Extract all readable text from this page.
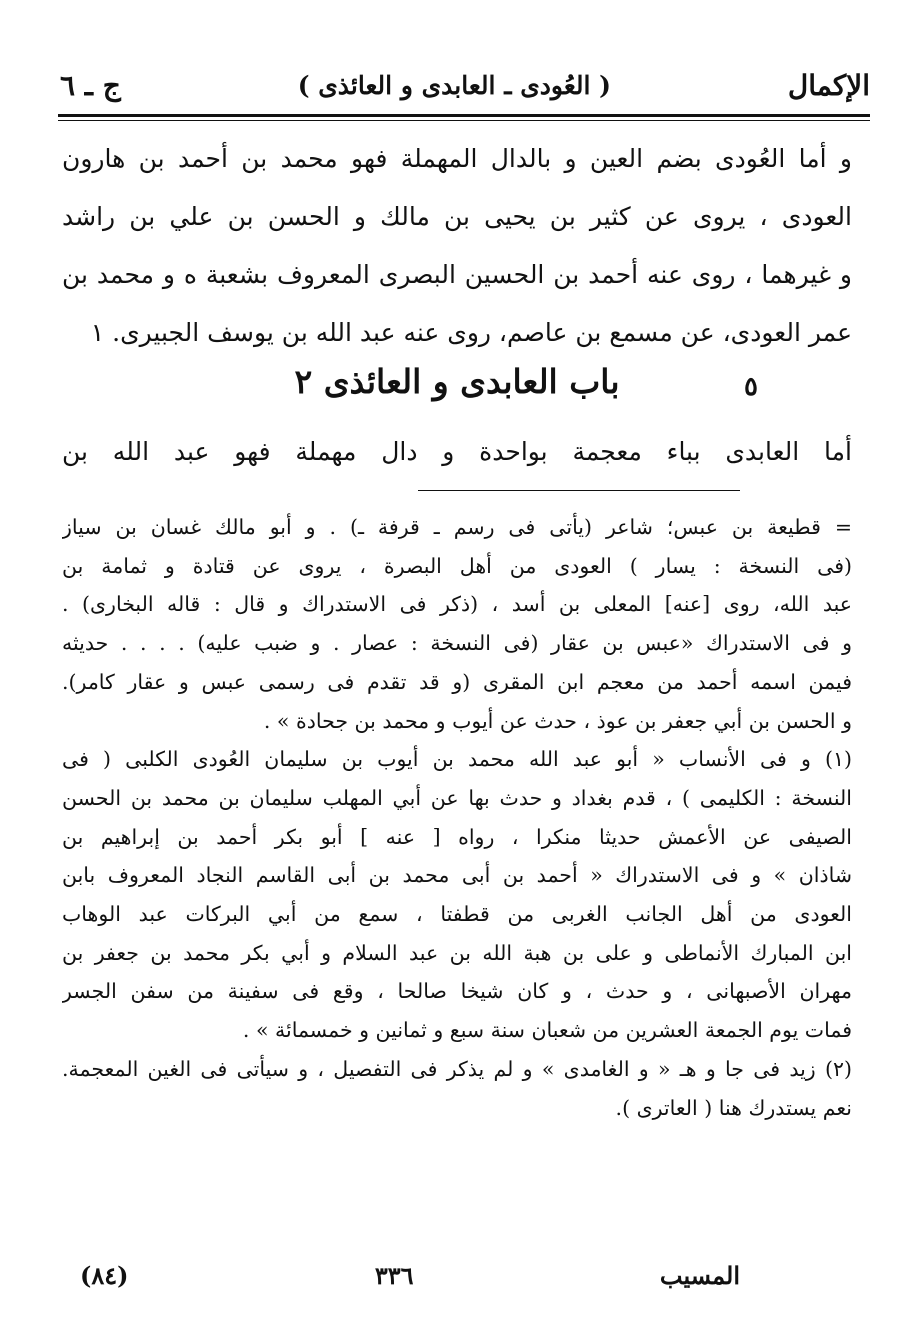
الإكمال
( العُودى ـ العابدى و العائذى )
ج ـ ٦
و أما العُودى بضم العين و بالدال المهملة فهو محمد بن أحمد بن هارون
العودى ، يروى عن كثير بن يحيى بن مالك و الحسن بن علي بن راشد
و غيرهما ، روى عنه أحمد بن الحسين البصرى المعروف بشعبة ه و محمد بن
عمر العودى، عن مسمع بن عاصم، روى عنه عبد الله بن يوسف الجبيرى. ١
باب العابدى و العائذى ٢	٥
أما العابدى بباء معجمة بواحدة و دال مهملة فهو عبد الله بن
= قطيعة بن عبس؛ شاعر (يأتى فى رسم ـ قرفة ـ) . و أبو مالك غسان بن سياز
(فى النسخة : يسار ) العودى من أهل البصرة ، يروى عن قتادة و ثمامة بن
عبد الله، روى [عنه] المعلى بن أسد ، (ذكر فى الاستدراك و قال : قاله البخارى) .
و فى الاستدراك «عبس بن عقار (فى النسخة : عصار . و ضبب عليه) . . . . حديثه
فيمن اسمه أحمد من معجم ابن المقرى (و قد تقدم فى رسمى عبس و عقار كامر).
و الحسن بن أبي جعفر بن عوذ ، حدث عن أيوب و محمد بن جحادة » .
(١) و فى الأنساب « أبو عبد الله محمد بن أيوب بن سليمان العُودى الكلبى ( فى
النسخة : الكليمى ) ، قدم بغداد و حدث بها عن أبي المهلب سليمان بن محمد بن الحسن
الصيفى عن الأعمش حديثا منكرا ، رواه [ عنه ] أبو بكر أحمد بن إبراهيم بن
شاذان » و فى الاستدراك « أحمد بن أبى محمد بن أبى القاسم النجاد المعروف بابن
العودى من أهل الجانب الغربى من قطفتا ، سمع من أبي البركات عبد الوهاب
ابن المبارك الأنماطى و على بن هبة الله بن عبد السلام و أبي بكر محمد بن جعفر بن
مهران الأصبهانى ، و حدث ، و كان شيخا صالحا ، وقع فى سفينة من سفن الجسر
فمات يوم الجمعة العشرين من شعبان سنة سبع و ثمانين و خمسمائة » .
(٢) زيد فى جا و هـ « و الغامدى » و لم يذكر فى التفصيل ، و سيأتى فى الغين المعجمة.
نعم يستدرك هنا ( العاترى ).
المسيب
٣٣٦
(٨٤)
